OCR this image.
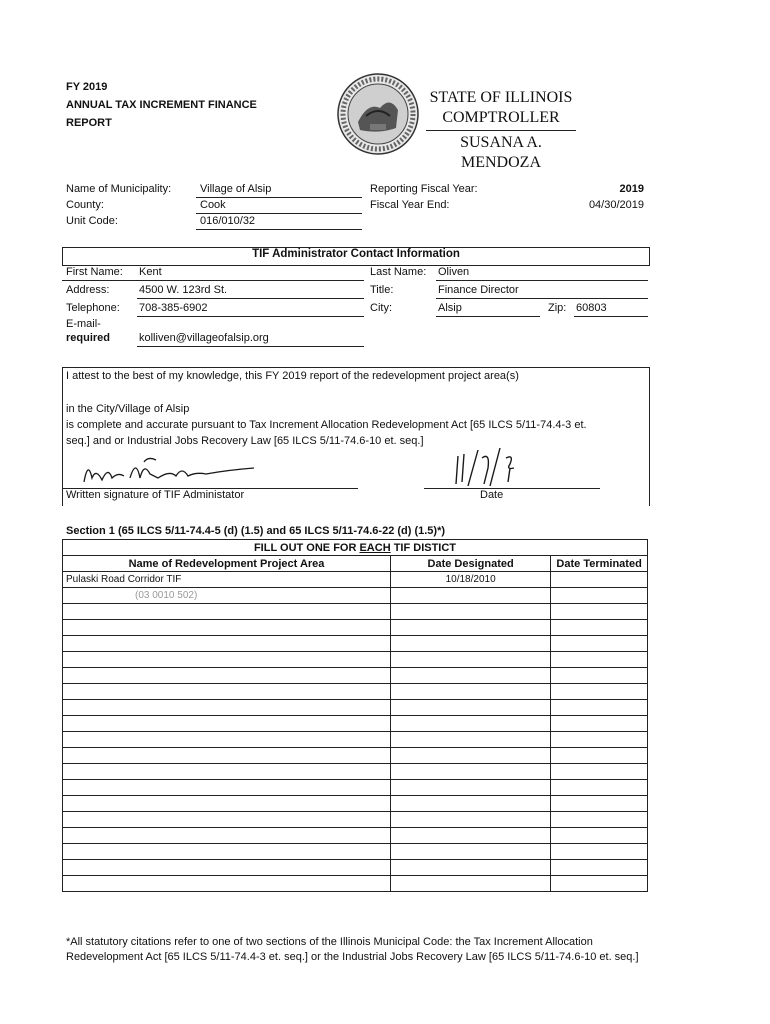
FY 2019
ANNUAL TAX INCREMENT FINANCE
REPORT
STATE OF ILLINOIS
COMPTROLLER
SUSANA A. MENDOZA
Name of Municipality:	Village of Alsip
County:	Cook
Unit Code:	016/010/32
Reporting Fiscal Year:	2019
Fiscal Year End:	04/30/2019
TIF Administrator Contact Information
First Name: Kent	Last Name: Oliven
Address:	4500 W. 123rd St.	Title:	Finance Director
Telephone: 708-385-6902	City:	Alsip	Zip: 60803
E-mail-
required	kolliven@villageofalsip.org
I attest to the best of my knowledge, this FY 2019 report of the redevelopment project area(s)
in the City/Village of Alsip
is complete and accurate pursuant to Tax Increment Allocation Redevelopment Act [65 ILCS 5/11-74.4-3 et.
seq.] and or Industrial Jobs Recovery Law [65 ILCS 5/11-74.6-10 et. seq.]
Written signature of TIF Administator	Date
Section 1 (65 ILCS 5/11-74.4-5 (d) (1.5) and 65 ILCS 5/11-74.6-22 (d) (1.5)*)
FILL OUT ONE FOR EACH TIF DISTICT		
Name of Redevelopment Project Area	Date Designated	Date Terminated
Pulaski Road Corridor TIF	10/18/2010	
(03 0010 502)		

*All statutory citations refer to one of two sections of the Illinois Municipal Code: the Tax Increment Allocation Redevelopment Act [65 ILCS 5/11-74.4-3 et. seq.] or the Industrial Jobs Recovery Law [65 ILCS 5/11-74.6-10 et. seq.]
